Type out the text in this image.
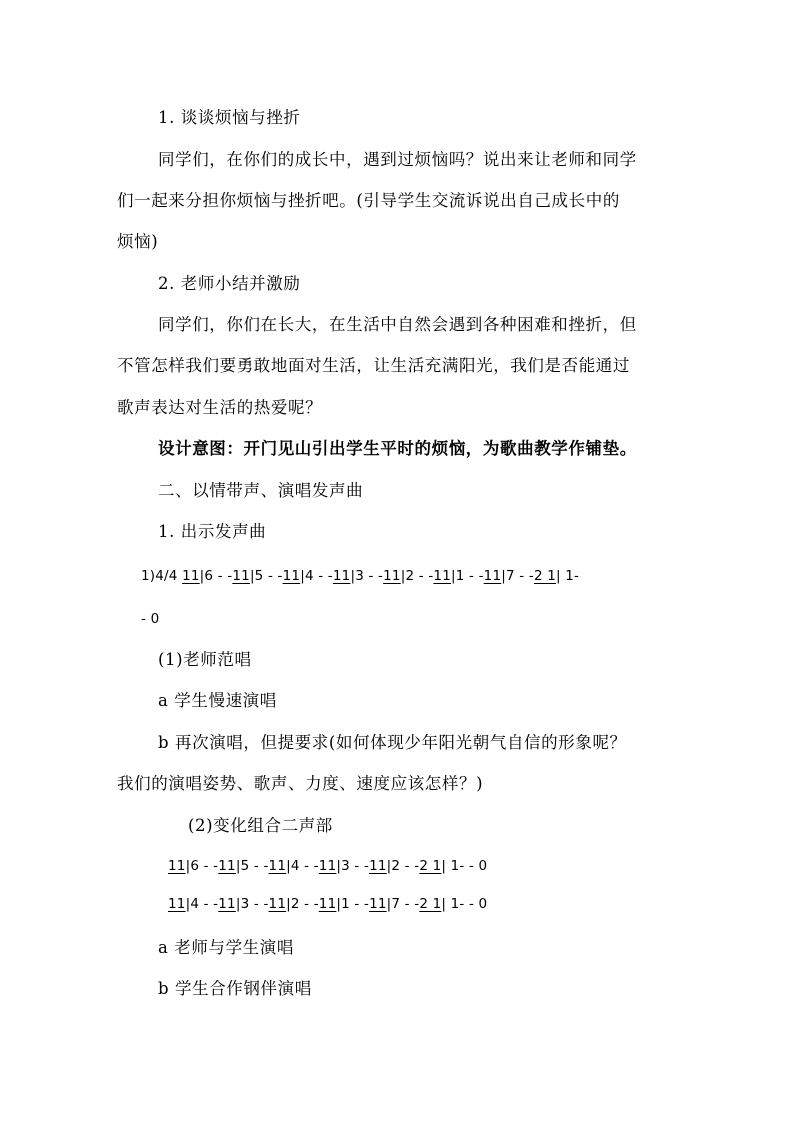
1. 谈谈烦恼与挫折
同学们，在你们的成长中，遇到过烦恼吗？说出来让老师和同学
们一起来分担你烦恼与挫折吧。(引导学生交流诉说出自己成长中的
烦恼)
2. 老师小结并激励
同学们，你们在长大，在生活中自然会遇到各种困难和挫折，但
不管怎样我们要勇敢地面对生活，让生活充满阳光，我们是否能通过
歌声表达对生活的热爱呢？
设计意图：开门见山引出学生平时的烦恼，为歌曲教学作铺垫。
二、以情带声、演唱发声曲
1. 出示发声曲
1)4/4 11|6 - -11|5 - -11|4 - -11|3 - -11|2 - -11|1 - -11|7 - -2 1| 1-
- 0
(1)老师范唱
a 学生慢速演唱
b 再次演唱，但提要求(如何体现少年阳光朝气自信的形象呢？
我们的演唱姿势、歌声、力度、速度应该怎样？)
(2)变化组合二声部
11|6 - -11|5 - -11|4 - -11|3 - -11|2 - -2 1| 1- - 0
11|4 - -11|3 - -11|2 - -11|1 - -11|7 - -2 1| 1- - 0
a 老师与学生演唱
b 学生合作钢伴演唱
